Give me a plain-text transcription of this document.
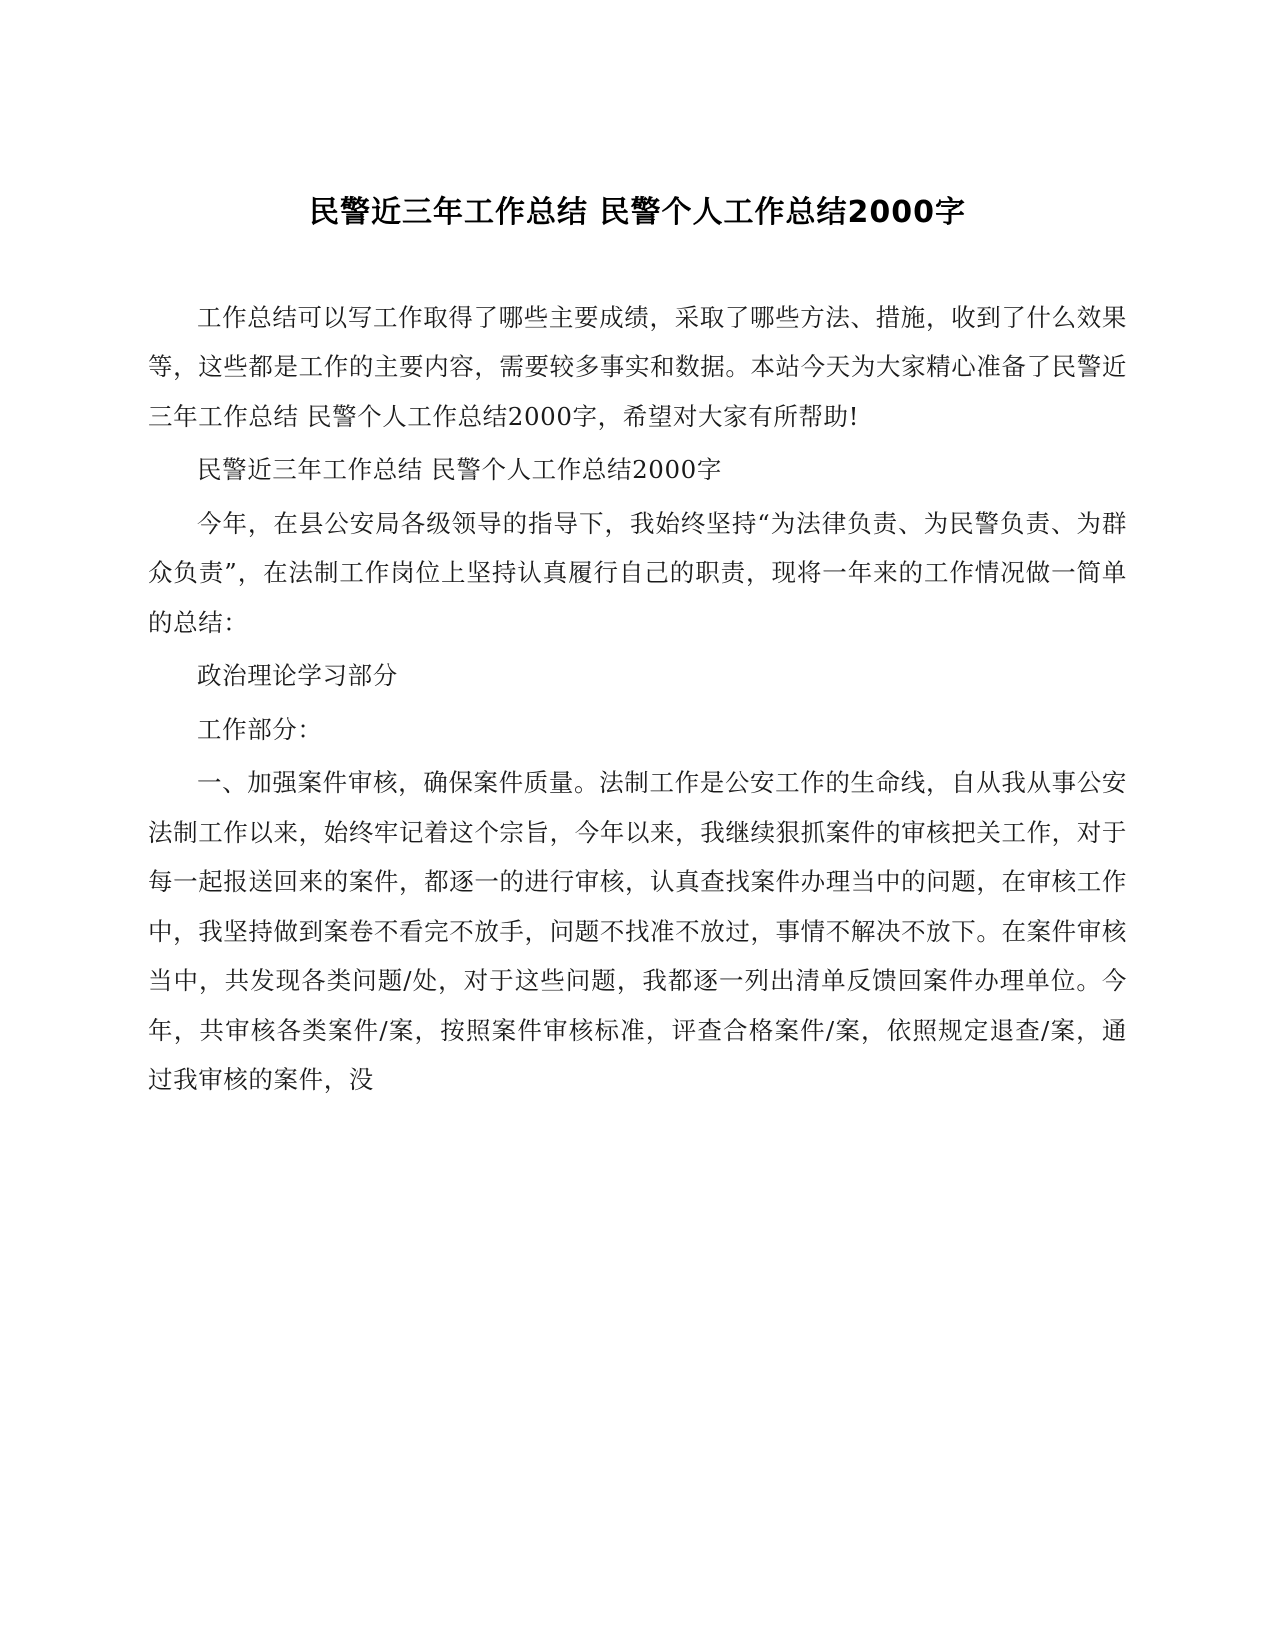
民警近三年工作总结 民警个人工作总结2000字

工作总结可以写工作取得了哪些主要成绩，采取了哪些方法、措施，收到了什么效果等，这些都是工作的主要内容，需要较多事实和数据。本站今天为大家精心准备了民警近三年工作总结 民警个人工作总结2000字，希望对大家有所帮助!

民警近三年工作总结 民警个人工作总结2000字

今年，在县公安局各级领导的指导下，我始终坚持“为法律负责、为民警负责、为群众负责”，在法制工作岗位上坚持认真履行自己的职责，现将一年来的工作情况做一简单的总结：

政治理论学习部分

工作部分：

一、加强案件审核，确保案件质量。法制工作是公安工作的生命线，自从我从事公安法制工作以来，始终牢记着这个宗旨，今年以来，我继续狠抓案件的审核把关工作，对于每一起报送回来的案件，都逐一的进行审核，认真查找案件办理当中的问题，在审核工作中，我坚持做到案卷不看完不放手，问题不找准不放过，事情不解决不放下。在案件审核当中，共发现各类问题/处，对于这些问题，我都逐一列出清单反馈回案件办理单位。今年，共审核各类案件/案，按照案件审核标准，评查合格案件/案，依照规定退查/案，通过我审核的案件，没
